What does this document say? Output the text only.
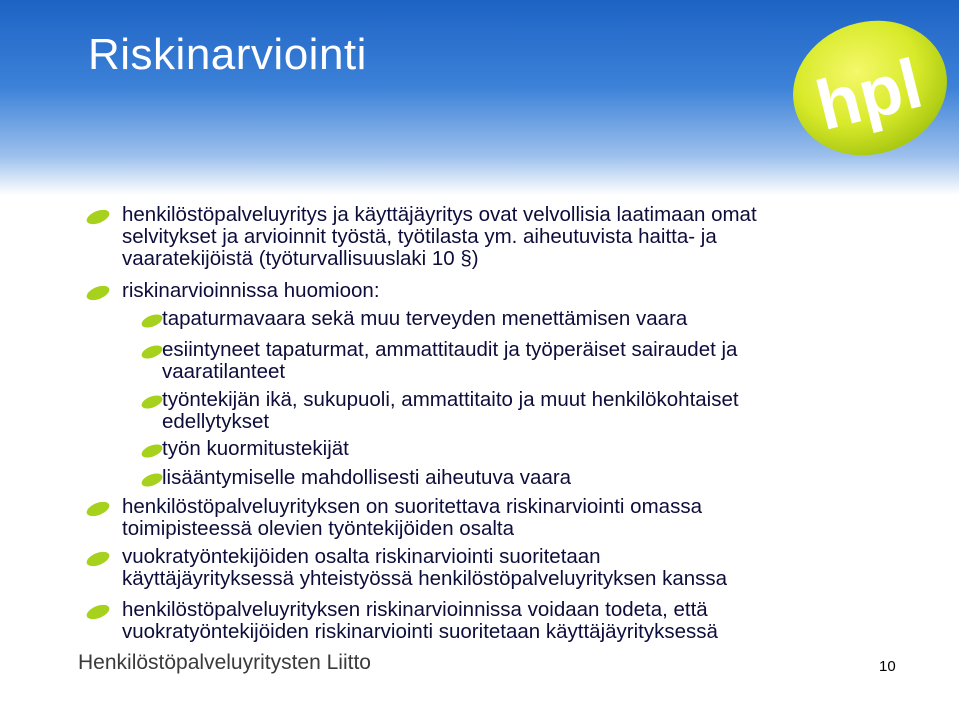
Riskinarviointi	hpl
henkilöstöpalveluyritys ja käyttäjäyritys ovat velvollisia laatimaan omat
selvitykset ja arvioinnit työstä, työtilasta ym. aiheutuvista haitta- ja
vaaratekijöistä (työturvallisuuslaki 10 §)
riskinarvioinnissa huomioon:
tapaturmavaara sekä muu terveyden menettämisen vaara
esiintyneet tapaturmat, ammattitaudit ja työperäiset sairaudet ja
vaaratilanteet
työntekijän ikä, sukupuoli, ammattitaito ja muut henkilökohtaiset
edellytykset
työn kuormitustekijät
lisääntymiselle mahdollisesti aiheutuva vaara
henkilöstöpalveluyrityksen on suoritettava riskinarviointi omassa
toimipisteessä olevien työntekijöiden osalta
vuokratyöntekijöiden osalta riskinarviointi suoritetaan
käyttäjäyrityksessä yhteistyössä henkilöstöpalveluyrityksen kanssa
henkilöstöpalveluyrityksen riskinarvioinnissa voidaan todeta, että
vuokratyöntekijöiden riskinarviointi suoritetaan käyttäjäyrityksessä
Henkilöstöpalveluyritysten Liitto	10
